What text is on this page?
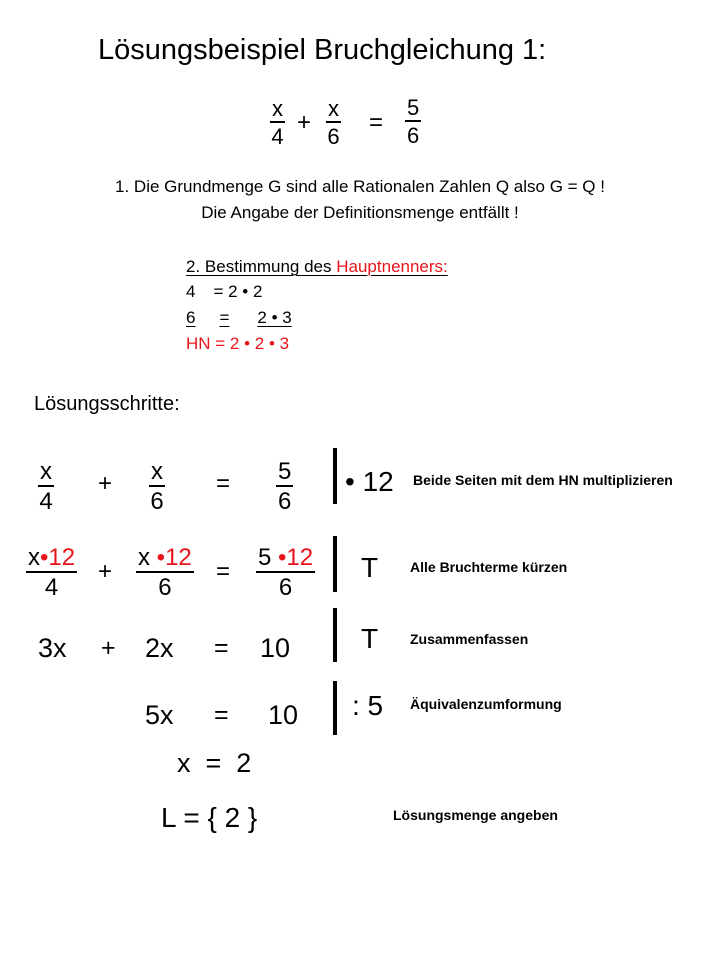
Lösungsbeispiel Bruchgleichung 1:
$\frac{x}{4} + \frac{x}{6} = \frac{5}{6}$
1. Die Grundmenge G sind alle Rationalen Zahlen Q also G = Q !
Die Angabe der Definitionsmenge entfällt !
2. Bestimmung des Hauptnenners:
4 = 2 • 2
6 = 2 • 3
HN = 2 • 2 • 3
Lösungsschritte:
$\frac{x}{4} + \frac{x}{6} = \frac{5}{6}$ • 12 Beide Seiten mit dem HN multiplizieren
$\frac{x•12}{4} + \frac{x •12}{6} = \frac{5 •12}{6}$ T Alle Bruchterme kürzen
3x + 2x = 10	T Zusammenfassen
5x = 10 : 5 Äquivalenzumformung
x  =  2
L = { 2 }	Lösungsmenge angeben
